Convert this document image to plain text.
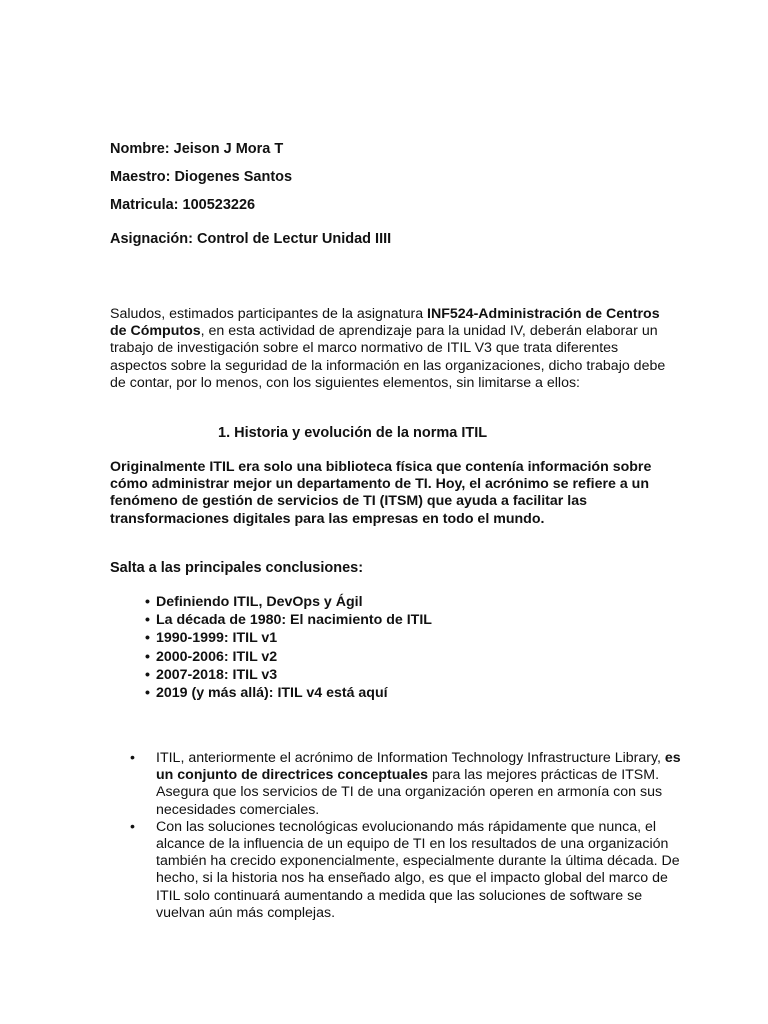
Nombre: Jeison J Mora T

Maestro: Diogenes Santos

Matricula: 100523226

Asignación: Control de Lectur Unidad IIII

Saludos, estimados participantes de la asignatura INF524-Administración de Centros de Cómputos, en esta actividad de aprendizaje para la unidad IV, deberán elaborar un trabajo de investigación sobre el marco normativo de ITIL V3 que trata diferentes aspectos sobre la seguridad de la información en las organizaciones, dicho trabajo debe de contar, por lo menos, con los siguientes elementos, sin limitarse a ellos:

1. Historia y evolución de la norma ITIL

Originalmente ITIL era solo una biblioteca física que contenía información sobre cómo administrar mejor un departamento de TI. Hoy, el acrónimo se refiere a un fenómeno de gestión de servicios de TI (ITSM) que ayuda a facilitar las transformaciones digitales para las empresas en todo el mundo.

Salta a las principales conclusiones:

• Definiendo ITIL, DevOps y Ágil
• La década de 1980: El nacimiento de ITIL
• 1990-1999: ITIL v1
• 2000-2006: ITIL v2
• 2007-2018: ITIL v3
• 2019 (y más allá): ITIL v4 está aquí
• ITIL, anteriormente el acrónimo de Information Technology Infrastructure Library, es un conjunto de directrices conceptuales para las mejores prácticas de ITSM. Asegura que los servicios de TI de una organización operen en armonía con sus necesidades comerciales.
• Con las soluciones tecnológicas evolucionando más rápidamente que nunca, el alcance de la influencia de un equipo de TI en los resultados de una organización también ha crecido exponencialmente, especialmente durante la última década. De hecho, si la historia nos ha enseñado algo, es que el impacto global del marco de ITIL solo continuará aumentando a medida que las soluciones de software se vuelvan aún más complejas.
